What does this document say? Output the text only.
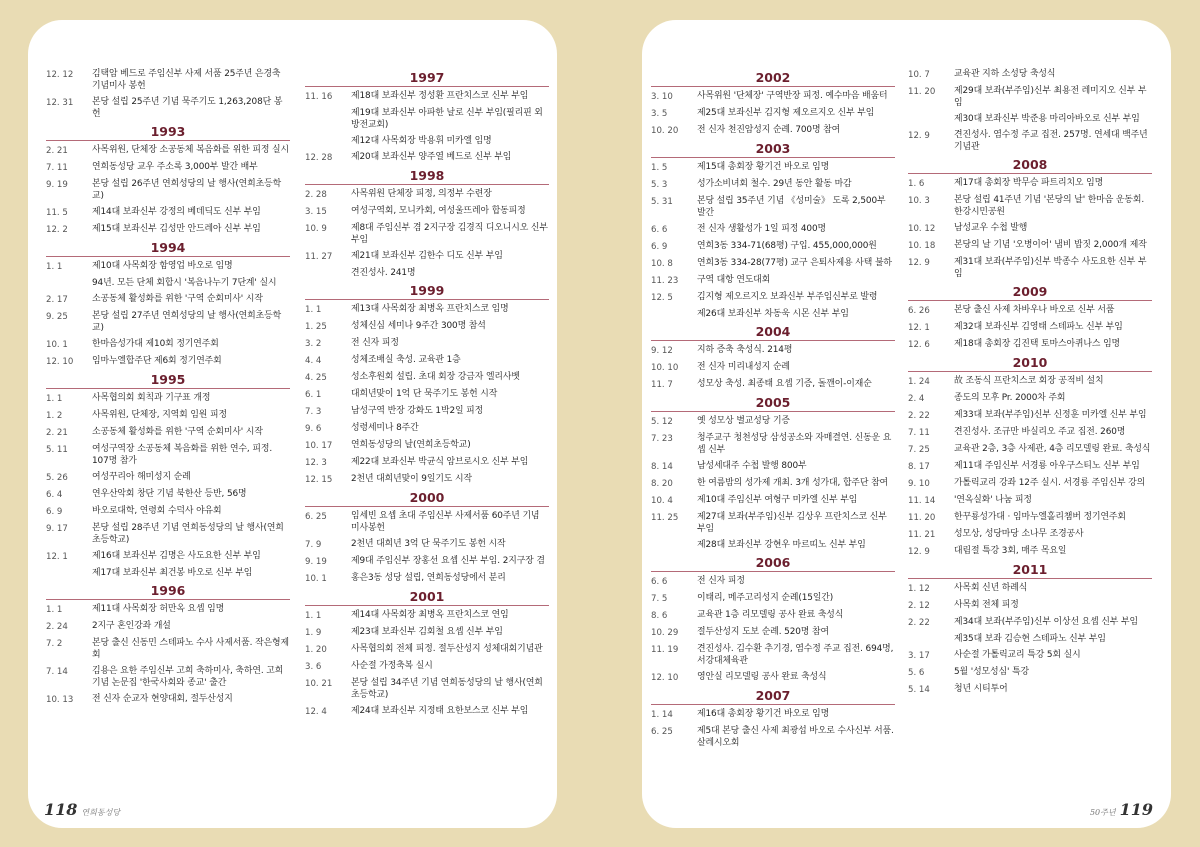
12. 12	김택암 베드로 주임신부 사제 서품 25주년 은경축 기념미사 봉헌
12. 31	본당 설립 25주년 기념 묵주기도 1,263,208단 봉헌
1993
2. 21	사목위원, 단체장 소공동체 복음화를 위한 피정 실시
7. 11	연희동성당 교우 주소록 3,000부 발간 배부
9. 19	본당 설립 26주년 연희성당의 날 행사(연희초등학교)
11. 5	제14대 보좌신부 강정의 베데딕도 신부 부임
12. 2	제15대 보좌신부 김성만 안드레아 신부 부임
1994
1. 1	제10대 사목회장 함영업 바오로 임명
94년. 모든 단체 회합시 '복음나누기 7단계' 실시
2. 17	소공동체 활성화를 위한 '구역 순회미사' 시작
9. 25	본당 설립 27주년 연희성당의 날 행사(연희초등학교)
10. 1	한마음성가대 제10회 정기연주회
12. 10	임마누엘합주단 제6회 정기연주회
1995
1. 1	사목협의회 회칙과 기구표 개정
1. 2	사목위원, 단체장, 지역회 임원 피정
2. 21	소공동체 활성화를 위한 '구역 순회미사' 시작
5. 11	여성구역장 소공동체 복음화를 위한 연수, 피정. 107명 참가
5. 26	여성꾸리아 해미성지 순례
6. 4	연우산악회 창단 기념 북한산 등반, 56명
6. 9	바오로대학, 연령회 수덕사 야유회
9. 17	본당 설립 28주년 기념 연희동성당의 날 행사(연희초등학교)
12. 1	제16대 보좌신부 김명은 사도요한 신부 부임
제17대 보좌신부 최건봉 바오로 신부 부임
1996
1. 1	제11대 사목회장 허만옥 요셉 임명
2. 24	2지구 혼인강좌 개설
7. 2	본당 출신 신동민 스테파노 수사 사제서품. 작은형제회
7. 14	김용은 요한 주임신부 고희 축하미사, 축하연. 고희기념 논문집 '한국사회와 종교' 출간
10. 13	전 신자 순교자 현양대회, 절두산성지
1997
11. 16	제18대 보좌신부 정성환 프란치스코 신부 부임
제19대 보좌신부 아파한 날로 신부 부임(필리핀 외방전교회)
제12대 사목회장 박용휘 미카엘 임명
12. 28	제20대 보좌신부 양주열 베드로 신부 부임
1998
2. 28	사목위원 단체장 피정, 의정부 수련장
3. 15	여성구역회, 모니카회, 여성울뜨레아 합동피정
10. 9	제8대 주임신부 겸 2지구장 김경직 디오니시오 신부 부임
11. 27	제21대 보좌신부 김한수 디도 신부 부임
견진성사. 241명
1999
1. 1	제13대 사목회장 최병옥 프란치스코 임명
1. 25	성체신심 세미나 9주간 300명 참석
3. 2	전 신자 피정
4. 4	성체조배실 축성. 교육관 1층
4. 25	성소후원회 설립. 초대 회장 강금자 엘리사벳
6. 1	대희년맞이 1억 단 묵주기도 봉헌 시작
7. 3	남성구역 반장 강화도 1박2일 피정
9. 6	성령세미나 8주간
10. 17	연희동성당의 날(연희초등학교)
12. 3	제22대 보좌신부 박균식 암브로시오 신부 부임
12. 15	2천년 대희년맞이 9일기도 시작
2000
6. 25	임세빈 요셉 초대 주임신부 사제서품 60주년 기념 미사봉헌
7. 9	2천년 대희년 3억 단 묵주기도 봉헌 시작
9. 19	제9대 주임신부 장홍선 요셉 신부 부임. 2지구장 겸
10. 1	홍은3동 성당 설립, 연희동성당에서 분리
2001
1. 1	제14대 사목회장 최병옥 프란치스코 연임
1. 9	제23대 보좌신부 김회철 요셉 신부 부임
1. 20	사목협의회 전체 피정. 절두산성지 성체대회기념관
3. 6	사순절 가정축복 실시
10. 21	본당 설립 34주년 기념 연희동성당의 날 행사(연희초등학교)
12. 4	제24대 보좌신부 지정태 요한보스코 신부 부임
118 연희동성당
2002
3. 10	사목위원 '단체장' 구역반장 피정. 예수마음 배움터
3. 5	제25대 보좌신부 김지형 제오르지오 신부 부임
10. 20	전 신자 천진암성지 순례. 700명 참여
2003
1. 5	제15대 총회장 황기건 바오로 임명
5. 3	성가소비녀회 철수. 29년 동안 활동 마감
5. 31	본당 설립 35주년 기념 《성미술》 도록 2,500부 발간
6. 6	전 신자 생활성가 1일 피정 400명
6. 9	연희3동 334-71(68평) 구입. 455,000,000원
10. 8	연희3동 334-28(77평) 교구 은퇴사제용 사택 불하
11. 23	구역 대항 연도대회
12. 5	김지형 제오르지오 보좌신부 부주임신부로 발령
제26대 보좌신부 차동욱 시몬 신부 부임
2004
9. 12	지하 증축 축성식. 214평
10. 10	전 신자 미리내성지 순례
11. 7	성모상 축성. 최종태 요셉 기증, 돌깬이-이재순
2005
5. 12	옛 성모상 별교성당 기증
7. 23	청주교구 청천성당 삼성공소와 자매결연. 신동운 요셉 신부
8. 14	남성세대주 수첩 발행 800부
8. 20	한 여름밤의 성가제 개최. 3개 성가대, 합주단 참여
10. 4	제10대 주임신부 여형구 미카엘 신부 부임
11. 25	제27대 보좌(부주임)신부 김상우 프란치스코 신부 부임
제28대 보좌신부 강현우 마르띠노 신부 부임
2006
6. 6	전 신자 피정
7. 5	이태리, 메주고리성지 순례(15일간)
8. 6	교육관 1층 리모델링 공사 완료 축성식
10. 29	절두산성지 도보 순례. 520명 참여
11. 19	견진성사. 김수환 추기경, 염수정 주교 집전. 694명, 서강대체육관
12. 10	영안실 리모델링 공사 완료 축성식
2007
1. 14	제16대 총회장 황기건 바오로 임명
6. 25	제5대 본당 출신 사제 최광섭 바오로 수사신부 서품. 살레시오회
10. 7	교육관 지하 소성당 축성식
11. 20	제29대 보좌(부주임)신부 최용전 레미지오 신부 부임
제30대 보좌신부 박준용 마리아바오로 신부 부임
12. 9	견진성사. 염수정 주교 집전. 257명. 연세대 백주년기념관
2008
1. 6	제17대 총회장 박무승 파트리치오 임명
10. 3	본당 설립 41주년 기념 '본당의 날' 한마음 운동회. 한강시민공원
10. 12	남성교우 수첩 발행
10. 18	본당의 날 기념 '오병이어' 냄비 밥짓 2,000개 제작
12. 9	제31대 보좌(부주임)신부 박종수 사도요한 신부 부임
2009
6. 26	본당 출신 사제 차바우나 바오로 신부 서품
12. 1	제32대 보좌신부 김영태 스테파노 신부 부임
12. 6	제18대 총회장 김진택 토마스아퀴나스 임명
2010
1. 24	故 조동식 프란치스코 회장 공적비 설치
2. 4	종도의 모후 Pr. 2000차 주회
2. 22	제33대 보좌(부주임)신부 신정훈 미카엘 신부 부임
7. 11	견진성사. 조규만 바실리오 주교 집전. 260명
7. 25	교육관 2층, 3층 사제관, 4층 리모델링 완료. 축성식
8. 17	제11대 주임신부 서경룡 아우구스티노 신부 부임
9. 10	가톨릭교리 강좌 12주 실시. 서경룡 주임신부 강의
11. 14	'연옥실화' 나눔 피정
11. 20	한꾸룡성가대 · 임마누엘홀리챔버 정기연주회
11. 21	성모상, 성당마당 소나무 조경공사
12. 9	대림절 특강 3회, 매주 목요일
2011
1. 12	사목회 신년 하례식
2. 12	사목회 전체 피정
2. 22	제34대 보좌(부주임)신부 이상선 요셉 신부 부임
제35대 보좌 김승현 스테파노 신부 부임
3. 17	사순절 가톨릭교리 특강 5회 실시
5. 6	5월 '성모성심' 특강
5. 14	청년 시티투어
50주년 119
